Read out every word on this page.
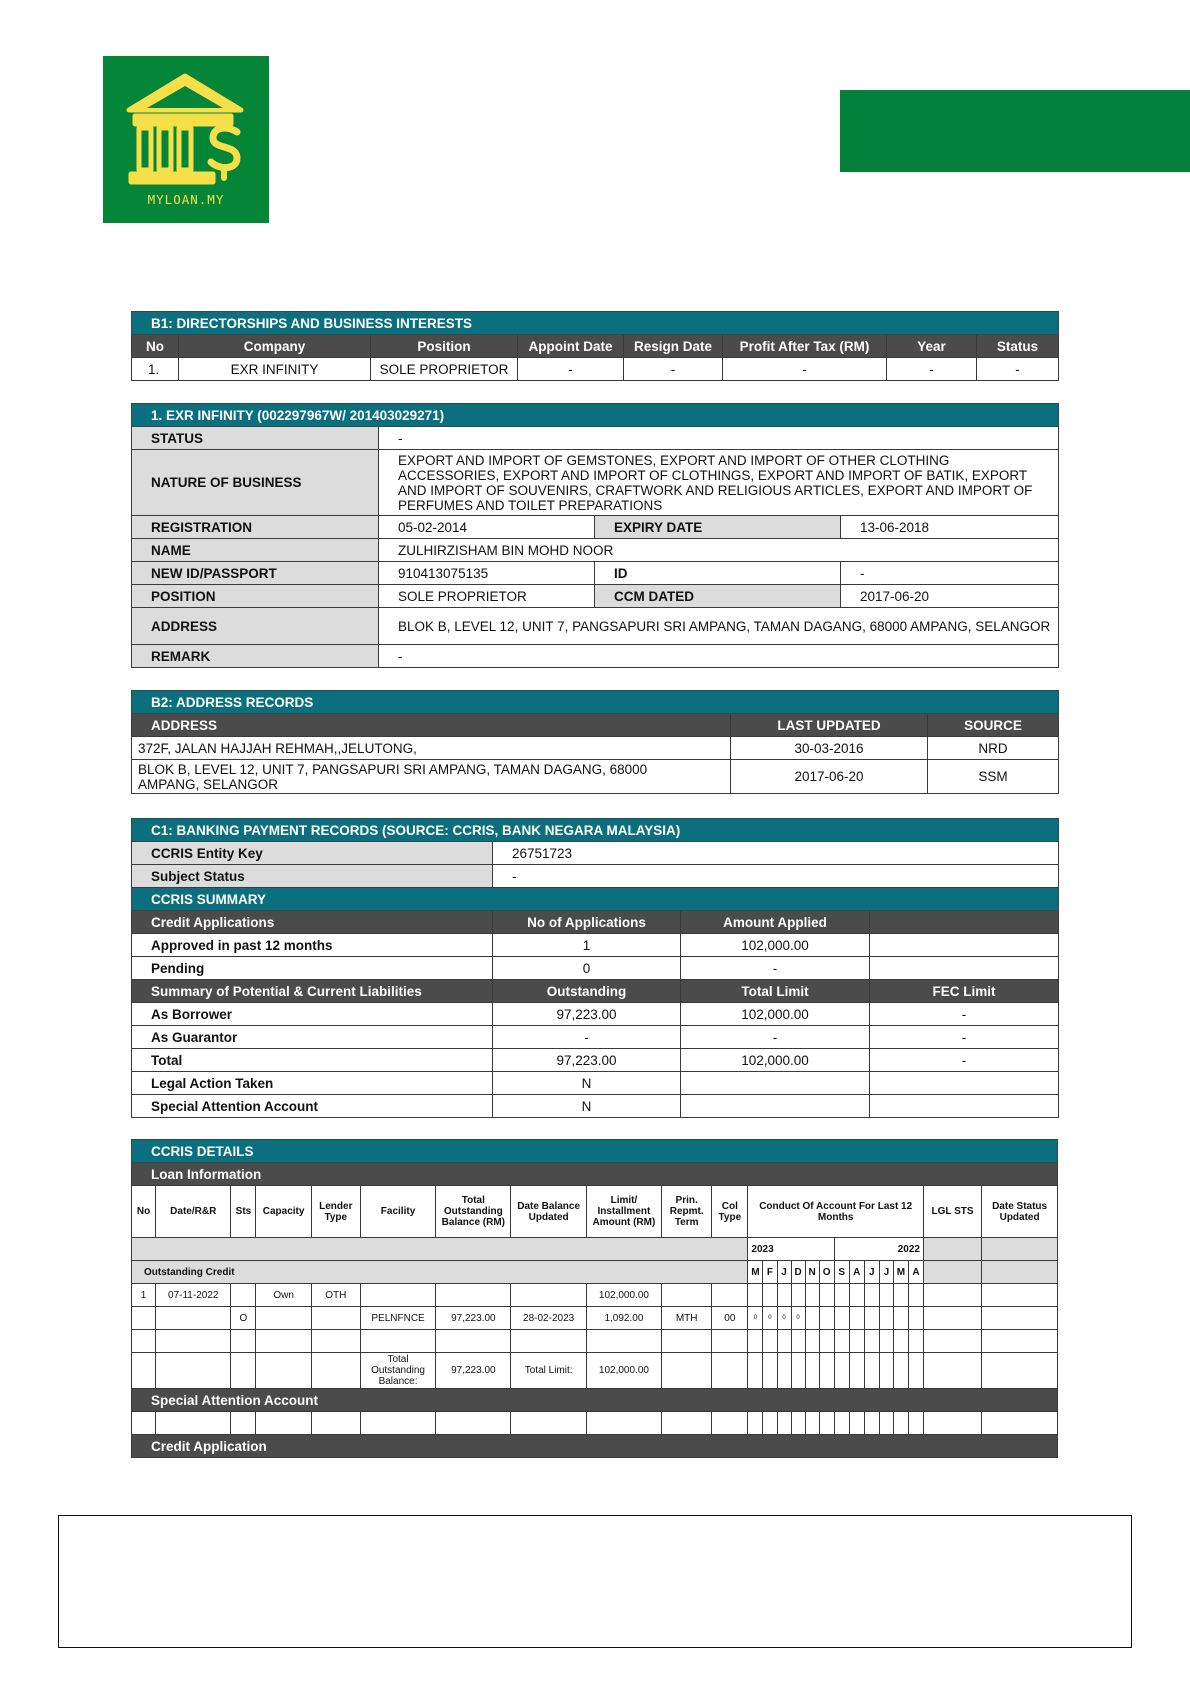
MYLOAN.MY
B1: DIRECTORSHIPS AND BUSINESS INTERESTS							
No	Company	Position	Appoint Date	Resign Date	Profit After Tax (RM)	Year	Status
1.	EXR INFINITY	SOLE PROPRIETOR	-	-	-	-	-
1. EXR INFINITY (002297967W/ 201403029271)			
STATUS	-		
NATURE OF BUSINESS	EXPORT AND IMPORT OF GEMSTONES, EXPORT AND IMPORT OF OTHER CLOTHING ACCESSORIES, EXPORT AND IMPORT OF CLOTHINGS, EXPORT AND IMPORT OF BATIK, EXPORT AND IMPORT OF SOUVENIRS, CRAFTWORK AND RELIGIOUS ARTICLES, EXPORT AND IMPORT OF PERFUMES AND TOILET PREPARATIONS		
REGISTRATION	05-02-2014	EXPIRY DATE	13-06-2018
NAME	ZULHIRZISHAM BIN MOHD NOOR		
NEW ID/PASSPORT	910413075135	ID	-
POSITION	SOLE PROPRIETOR	CCM DATED	2017-06-20
ADDRESS	BLOK B, LEVEL 12, UNIT 7, PANGSAPURI SRI AMPANG, TAMAN DAGANG, 68000 AMPANG, SELANGOR		
REMARK	-		
B2: ADDRESS RECORDS		
ADDRESS	LAST UPDATED	SOURCE
372F, JALAN HAJJAH REHMAH,,JELUTONG,	30-03-2016	NRD
BLOK B, LEVEL 12, UNIT 7, PANGSAPURI SRI AMPANG, TAMAN DAGANG, 68000 AMPANG, SELANGOR	2017-06-20	SSM
C1: BANKING PAYMENT RECORDS (SOURCE: CCRIS, BANK NEGARA MALAYSIA)			
CCRIS Entity Key	26751723		
Subject Status	-		
CCRIS SUMMARY			
Credit Applications	No of Applications	Amount Applied	
Approved in past 12 months	1	102,000.00	
Pending	0	-	
Summary of Potential & Current Liabilities	Outstanding	Total Limit	FEC Limit
As Borrower	97,223.00	102,000.00	-
As Guarantor	-	-	-
Total	97,223.00	102,000.00	-
Legal Action Taken	N		
Special Attention Account	N		
CCRIS DETAILS																								
Loan Information																								
No	Date/R&R	Sts	Capacity	Lender Type	Facility	Total Outstanding Balance (RM)	Date Balance Updated	Limit/ Installment Amount (RM)	Prin. Repmt. Term	Col Type	Conduct Of Account For Last 12 Months												LGL STS	Date Status Updated
											2023						2022							
Outstanding Credit											M	F	J	D	N	O	S	A	J	J	M	A		
1	07-11-2022		Own	OTH				102,000.00																
		O			PELNFNCE	97,223.00	28-02-2023	1,092.00	MTH	00	0	0	0	0										

					Total Outstanding Balance:	97,223.00	Total Limit:	102,000.00																
Special Attention Account																								

Credit Application																								
